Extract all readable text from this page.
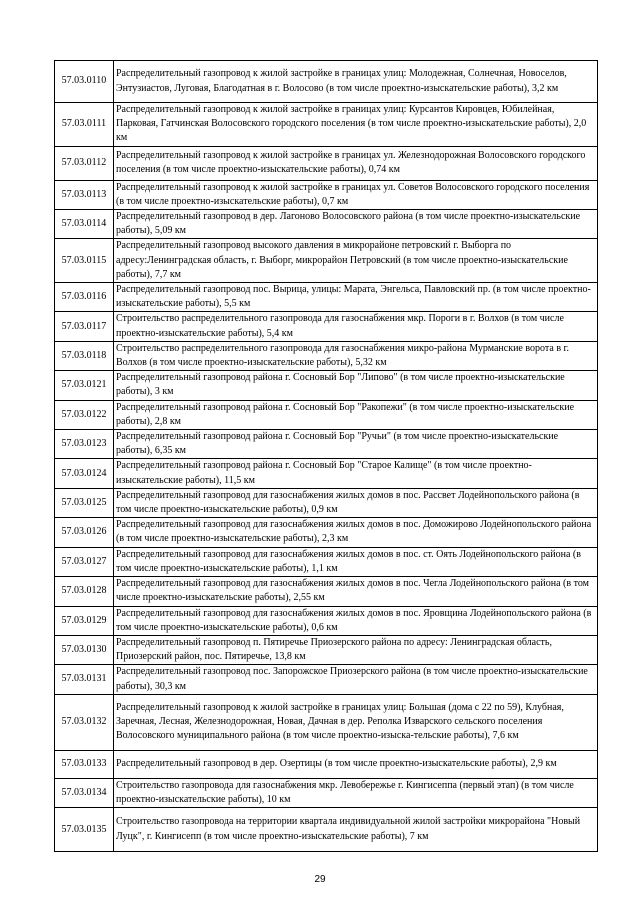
57.03.0110	Распределительный газопровод к жилой застройке в границах улиц: Молодежная, Солнечная, Новоселов, Энтузиастов, Луговая, Благодатная в г. Волосово (в том числе проектно-изыскательские работы), 3,2 км
57.03.0111	Распределительный газопровод к жилой застройке в границах улиц: Курсантов Кировцев, Юбилейная, Парковая, Гатчинская Волосовского городского поселения (в том числе проектно-изыскательские работы), 2,0 км
57.03.0112	Распределительный газопровод к жилой застройке в границах ул. Железнодорожная Волосовского городского поселения (в том числе проектно-изыскательские работы), 0,74 км
57.03.0113	Распределительный газопровод к жилой застройке в границах ул. Советов Волосовского городского поселения (в том числе проектно-изыскательские работы), 0,7 км
57.03.0114	Распределительный газопровод в дер. Лагоново Волосовского района (в том числе проектно-изыскательские работы), 5,09 км
57.03.0115	Распределительный газопровод высокого давления в микрорайоне петровский г. Выборга по адресу:Ленинградская область, г. Выборг, микрорайон Петровский (в том числе проектно-изыскательские работы), 7,7 км
57.03.0116	Распределительный газопровод пос. Вырица, улицы: Марата, Энгельса, Павловский пр. (в том числе проектно-изыскательские работы), 5,5 км
57.03.0117	Строительство распределительного газопровода для газоснабжения мкр. Пороги в г. Волхов (в том числе проектно-изыскательские работы), 5,4 км
57.03.0118	Строительство распределительного газопровода для газоснабжения микро-района Мурманские ворота в г. Волхов (в том числе проектно-изыскательские работы), 5,32 км
57.03.0121	Распределительный газопровод района г. Сосновый Бор "Липово" (в том числе проектно-изыскательские работы), 3 км
57.03.0122	Распределительный газопровод района г. Сосновый Бор "Ракопежи" (в том числе проектно-изыскательские работы), 2,8 км
57.03.0123	Распределительный газопровод района г. Сосновый Бор "Ручьи" (в том числе проектно-изыскательские работы), 6,35 км
57.03.0124	Распределительный газопровод района г. Сосновый Бор "Старое Калище" (в том числе проектно-изыскательские работы), 11,5 км
57.03.0125	Распределительный газопровод для газоснабжения жилых домов в пос. Рассвет Лодейнопольского района (в том числе проектно-изыскательские работы), 0,9 км
57.03.0126	Распределительный газопровод для газоснабжения жилых домов в пос. Доможирово Лодейнопольского района (в том числе проектно-изыскательские работы), 2,3 км
57.03.0127	Распределительный газопровод для газоснабжения жилых домов в пос. ст. Оять Лодейнопольского района (в том числе проектно-изыскательские работы), 1,1 км
57.03.0128	Распределительный газопровод для газоснабжения жилых домов в пос. Чегла Лодейнопольского района (в том числе проектно-изыскательские работы), 2,55 км
57.03.0129	Распределительный газопровод для газоснабжения жилых домов в пос. Яровщина Лодейнопольского района (в том числе проектно-изыскательские работы), 0,6 км
57.03.0130	Распределительный газопровод п. Пятиречье Приозерского района по адресу: Ленинградская область, Приозерский район, пос. Пятиречье, 13,8 км
57.03.0131	Распределительный газопровод пос. Запорожское Приозерского района (в том числе проектно-изыскательские работы), 30,3 км
57.03.0132	Распределительный газопровод к жилой застройке в границах улиц: Большая (дома с 22 по 59), Клубная, Заречная, Лесная, Железнодорожная, Новая, Дачная в дер. Реполка Изварского сельского поселения Волосовского муниципального района (в том числе проектно-изыска-тельские работы), 7,6 км
57.03.0133	Распределительный газопровод в дер. Озертицы (в том числе проектно-изыскательские работы), 2,9 км
57.03.0134	Строительство газопровода для газоснабжения мкр. Левобережье г. Кингисеппа (первый этап) (в том числе проектно-изыскательские работы), 10 км
57.03.0135	Строительство газопровода на территории квартала индивидуальной жилой застройки микрорайона "Новый Луцк", г. Кингисепп (в том числе проектно-изыскательские работы), 7 км
29
